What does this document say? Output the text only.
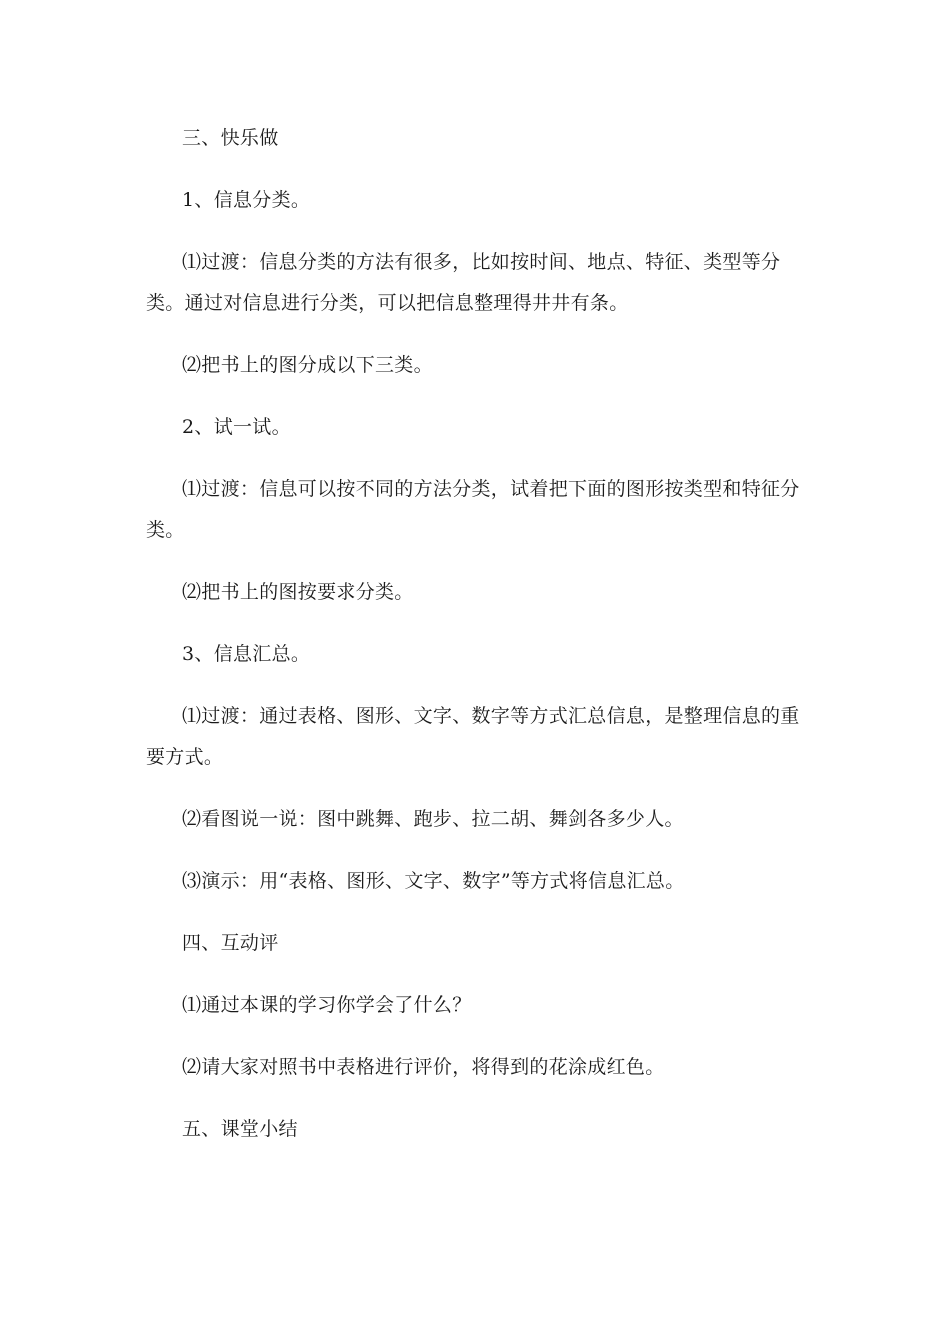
三、快乐做

1、信息分类。

⑴过渡：信息分类的方法有很多，比如按时间、地点、特征、类型等分类。通过对信息进行分类，可以把信息整理得井井有条。

⑵把书上的图分成以下三类。

2、试一试。

⑴过渡：信息可以按不同的方法分类，试着把下面的图形按类型和特征分类。

⑵把书上的图按要求分类。

3、信息汇总。

⑴过渡：通过表格、图形、文字、数字等方式汇总信息，是整理信息的重要方式。

⑵看图说一说：图中跳舞、跑步、拉二胡、舞剑各多少人。

⑶演示：用“表格、图形、文字、数字”等方式将信息汇总。

四、互动评

⑴通过本课的学习你学会了什么？

⑵请大家对照书中表格进行评价，将得到的花涂成红色。

五、课堂小结
